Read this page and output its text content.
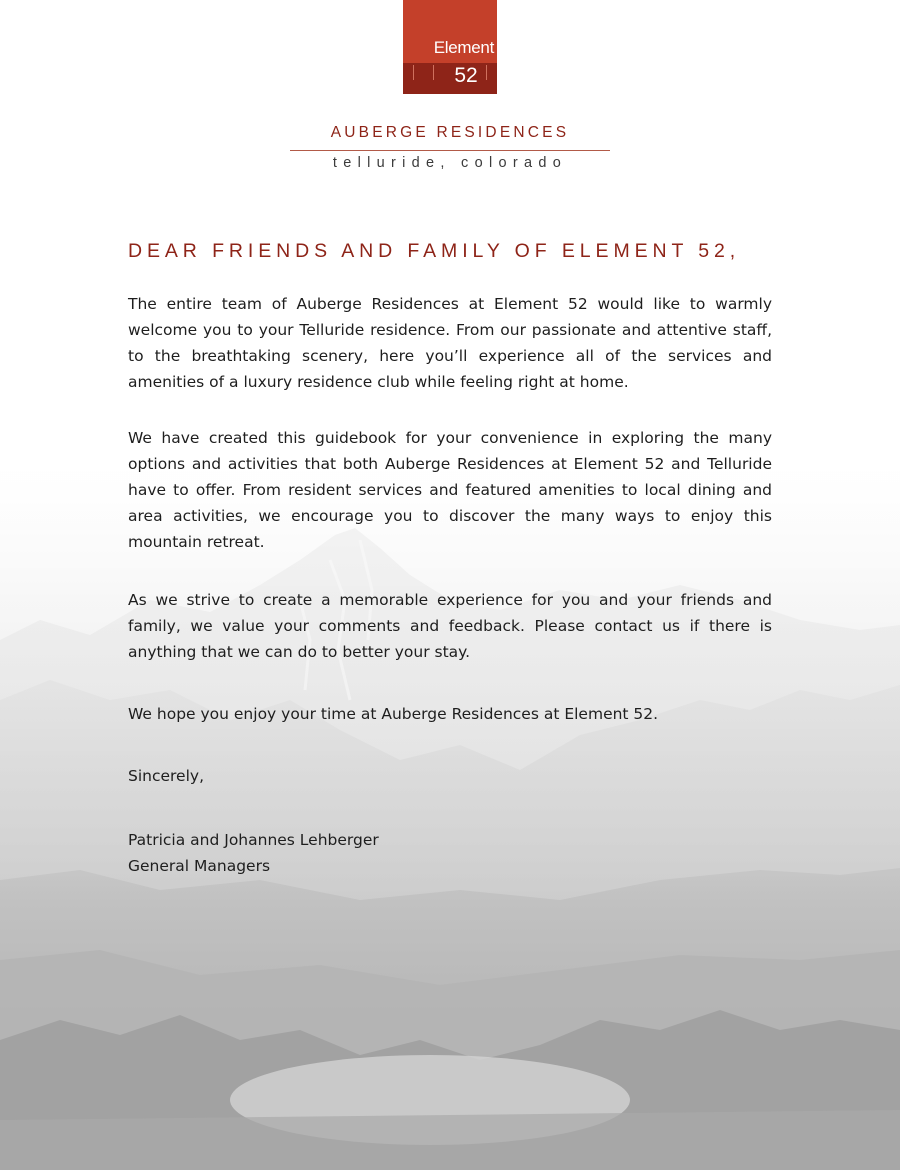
Element
52
AUBERGE RESIDENCES
telluride, colorado
DEAR FRIENDS AND FAMILY OF ELEMENT 52,

The entire team of Auberge Residences at Element 52 would like to warmly welcome you to your Telluride residence. From our passionate and attentive staff, to the breathtaking scenery, here you’ll experience all of the services and amenities of a luxury residence club while feeling right at home.

We have created this guidebook for your convenience in exploring the many options and activities that both Auberge Residences at Element 52 and Telluride have to offer. From resident services and featured amenities to local dining and area activities, we encourage you to discover the many ways to enjoy this mountain retreat.

As we strive to create a memorable experience for you and your friends and family, we value your comments and feedback. Please contact us if there is anything that we can do to better your stay.

We hope you enjoy your time at Auberge Residences at Element 52.

Sincerely,

Patricia and Johannes Lehberger

General Managers
